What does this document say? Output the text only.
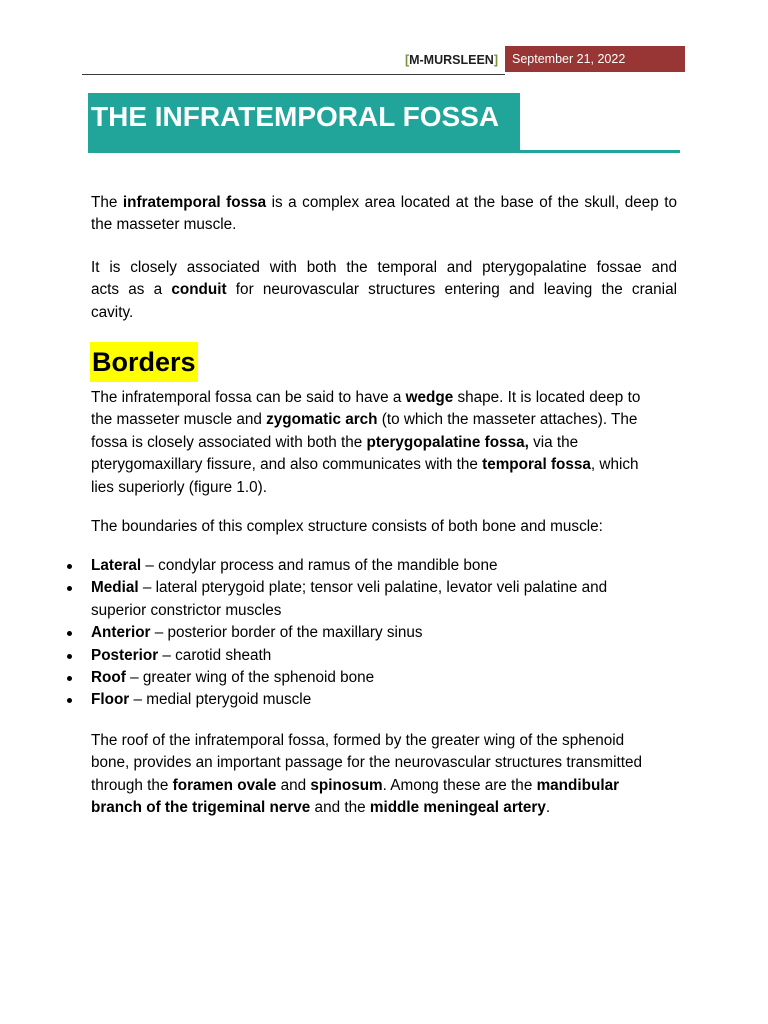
[M-MURSLEEN] September 21, 2022
THE INFRATEMPORAL FOSSA
The infratemporal fossa is a complex area located at the base of the skull, deep to
the masseter muscle.
It is closely associated with both the temporal and pterygopalatine fossae and
acts as a conduit for neurovascular structures entering and leaving the cranial
cavity.
Borders
The infratemporal fossa can be said to have a wedge shape. It is located deep to
the masseter muscle and zygomatic arch (to which the masseter attaches). The
fossa is closely associated with both the pterygopalatine fossa, via the
pterygomaxillary fissure, and also communicates with the temporal fossa, which
lies superiorly (figure 1.0).
The boundaries of this complex structure consists of both bone and muscle:
Lateral – condylar process and ramus of the mandible bone
Medial – lateral pterygoid plate; tensor veli palatine, levator veli palatine and
superior constrictor muscles
Anterior – posterior border of the maxillary sinus
Posterior – carotid sheath
Roof – greater wing of the sphenoid bone
Floor – medial pterygoid muscle
The roof of the infratemporal fossa, formed by the greater wing of the sphenoid
bone, provides an important passage for the neurovascular structures transmitted
through the foramen ovale and spinosum. Among these are the mandibular
branch of the trigeminal nerve and the middle meningeal artery.
